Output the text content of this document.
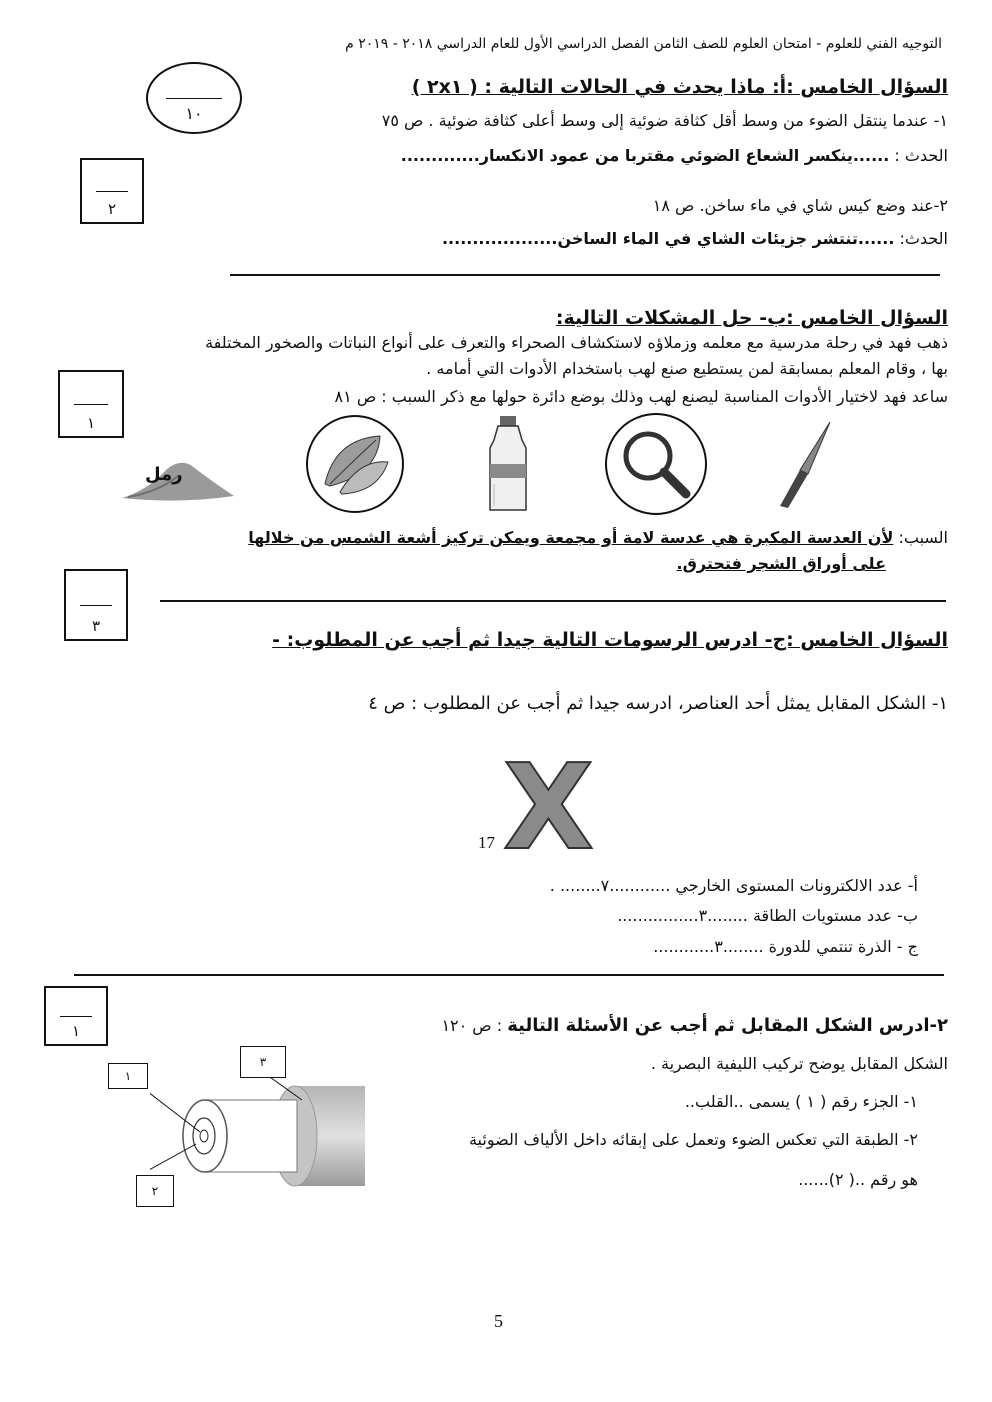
التوجيه الفني للعلوم - امتحان العلوم للصف الثامن الفصل الدراسي الأول للعام الدراسي ٢٠١٨ - ٢٠١٩ م
١٠
السؤال الخامس :أ: ماذا يحدث في الحالات التالية : ( ٢x١ )
١- عندما ينتقل الضوء من وسط أقل كثافة ضوئية إلى وسط أعلى كثافة ضوئية . ص ٧٥
الحدث : ......ينكسر الشعاع الضوئي مقتربا من عمود الانكسار.............
٢	٢-عند وضع كيس شاي في ماء ساخن. ص ١٨
الحدث: ......تنتشر جزيئات الشاي في الماء الساخن...................
السؤال الخامس :ب- حل المشكلات التالية:
ذهب فهد في رحلة مدرسية مع معلمه وزملاؤه لاستكشاف الصحراء والتعرف على أنواع النباتات والصخور المختلفة
بها ، وقام المعلم بمسابقة لمن يستطيع صنع لهب باستخدام الأدوات التي أمامه .
ساعد فهد لاختيار الأدوات المناسبة ليصنع لهب وذلك بوضع دائرة حولها مع ذكر السبب : ص ٨١
١
رمل
السبب: لأن العدسة المكبرة هي عدسة لامة أو مجمعة ويمكن تركيز أشعة الشمس من خلالها
على أوراق الشجر فتحترق.
٣
السؤال الخامس :ج- ادرس الرسومات التالية جيدا ثم أجب عن المطلوب: -
١- الشكل المقابل يمثل أحد العناصر، ادرسه جيدا ثم أجب عن المطلوب : ص ٤
X
17
أ- عدد الالكترونات المستوى الخارجي ............٧........ .
ب- عدد مستويات الطاقة ........٣................
ج - الذرة تنتمي للدورة ........٣............
١	٢-ادرس الشكل المقابل ثم أجب عن الأسئلة التالية : ص ١٢٠
الشكل المقابل يوضح تركيب الليفية البصرية .
١- الجزء رقم ( ١ ) يسمى ..القلب..
٢- الطبقة التي تعكس الضوء وتعمل على إبقائه داخل الألياف الضوئية
هو رقم ..( ٢)......
١
٢
٣
5
